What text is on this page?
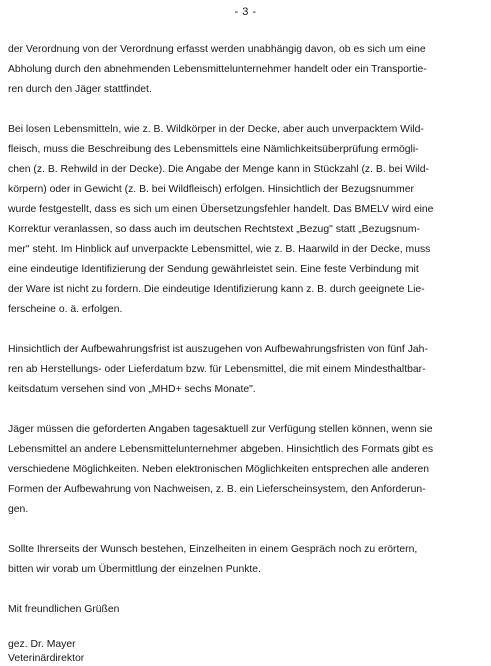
- 3 -
der Verordnung von der Verordnung erfasst werden unabhängig davon, ob es sich um eine
Abholung durch den abnehmenden Lebensmittelunternehmer handelt oder ein Transportie-
ren durch den Jäger stattfindet.
Bei losen Lebensmitteln, wie z. B. Wildkörper in der Decke, aber auch unverpacktem Wild-
fleisch, muss die Beschreibung des Lebensmittels eine Nämlichkeitsüberprüfung ermögli-
chen (z. B. Rehwild in der Decke). Die Angabe der Menge kann in Stückzahl (z. B. bei Wild-
körpern) oder in Gewicht (z. B. bei Wildfleisch) erfolgen. Hinsichtlich der Bezugsnummer
wurde festgestellt, dass es sich um einen Übersetzungsfehler handelt. Das BMELV wird eine
Korrektur veranlassen, so dass auch im deutschen Rechtstext „Bezug" statt „Bezugsnum-
mer" steht. Im Hinblick auf unverpackte Lebensmittel, wie z. B. Haarwild in der Decke, muss
eine eindeutige Identifizierung der Sendung gewährleistet sein. Eine feste Verbindung mit
der Ware ist nicht zu fordern. Die eindeutige Identifizierung kann z. B. durch geeignete Lie-
ferscheine o. ä. erfolgen.
Hinsichtlich der Aufbewahrungsfrist ist auszugehen von Aufbewahrungsfristen von fünf Jah-
ren ab Herstellungs- oder Lieferdatum bzw. für Lebensmittel, die mit einem Mindesthaltbar-
keitsdatum versehen sind von „MHD+ sechs Monate".
Jäger müssen die geforderten Angaben tagesaktuell zur Verfügung stellen können, wenn sie
Lebensmittel an andere Lebensmittelunternehmer abgeben. Hinsichtlich des Formats gibt es
verschiedene Möglichkeiten. Neben elektronischen Möglichkeiten entsprechen alle anderen
Formen der Aufbewahrung von Nachweisen, z. B. ein Lieferscheinsystem, den Anforderun-
gen.
Sollte Ihrerseits der Wunsch bestehen, Einzelheiten in einem Gespräch noch zu erörtern,
bitten wir vorab um Übermittlung der einzelnen Punkte.
Mit freundlichen Grüßen
gez. Dr. Mayer
Veterinärdirektor
